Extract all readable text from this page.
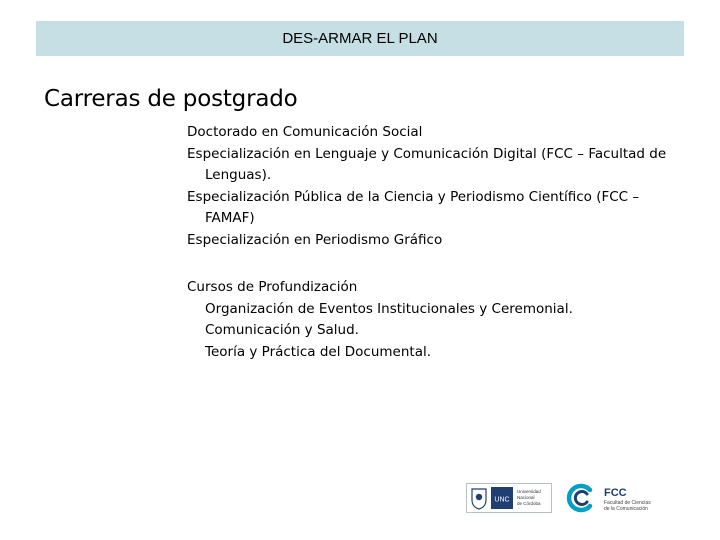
DES-ARMAR EL PLAN
Carreras de postgrado

Doctorado en Comunicación Social

Especialización en Lenguaje y Comunicación Digital (FCC – Facultad de Lenguas).

Especialización Pública de la Ciencia y Periodismo Científico (FCC – FAMAF)

Especialización en Periodismo Gráfico

Cursos de Profundización

Organización de Eventos Institucionales y Ceremonial.

Comunicación y Salud.

Teoría y Práctica del Documental.

UNC
Universidad
Nacional
de Córdoba
FCC
Facultad de Ciencias
de la Comunicación
